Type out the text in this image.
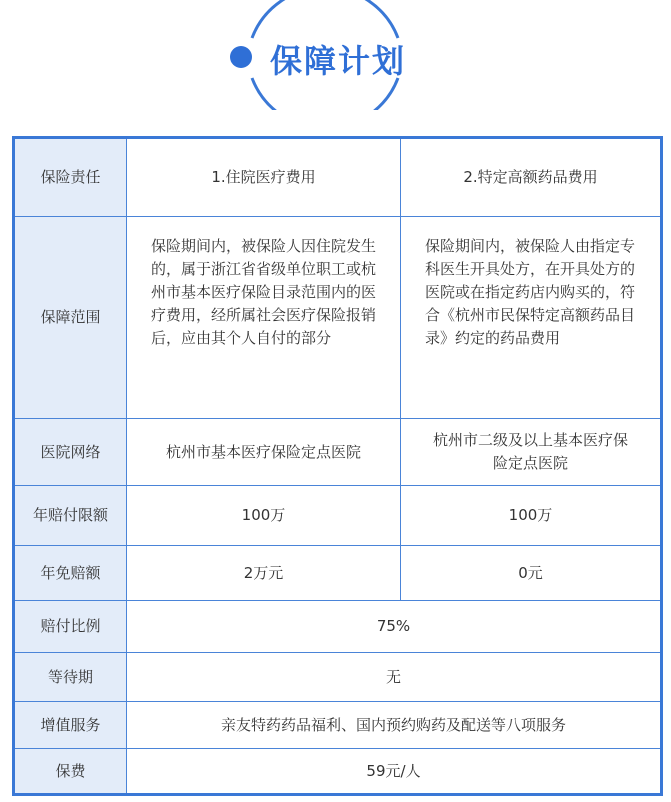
保障计划
保险责任	1.住院医疗费用	2.特定高额药品费用
保障范围	保险期间内，被保险人因住院发生的，属于浙江省省级单位职工或杭州市基本医疗保险目录范围内的医疗费用，经所属社会医疗保险报销后，应由其个人自付的部分	保险期间内，被保险人由指定专科医生开具处方，在开具处方的医院或在指定药店内购买的，符合《杭州市民保特定高额药品目录》约定的药品费用
医院网络	杭州市基本医疗保险定点医院	杭州市二级及以上基本医疗保险定点医院
年赔付限额	100万	100万
年免赔额	2万元	0元
赔付比例	75%	
等待期	无	
增值服务	亲友特药药品福利、国内预约购药及配送等八项服务	
保费	59元/人	
